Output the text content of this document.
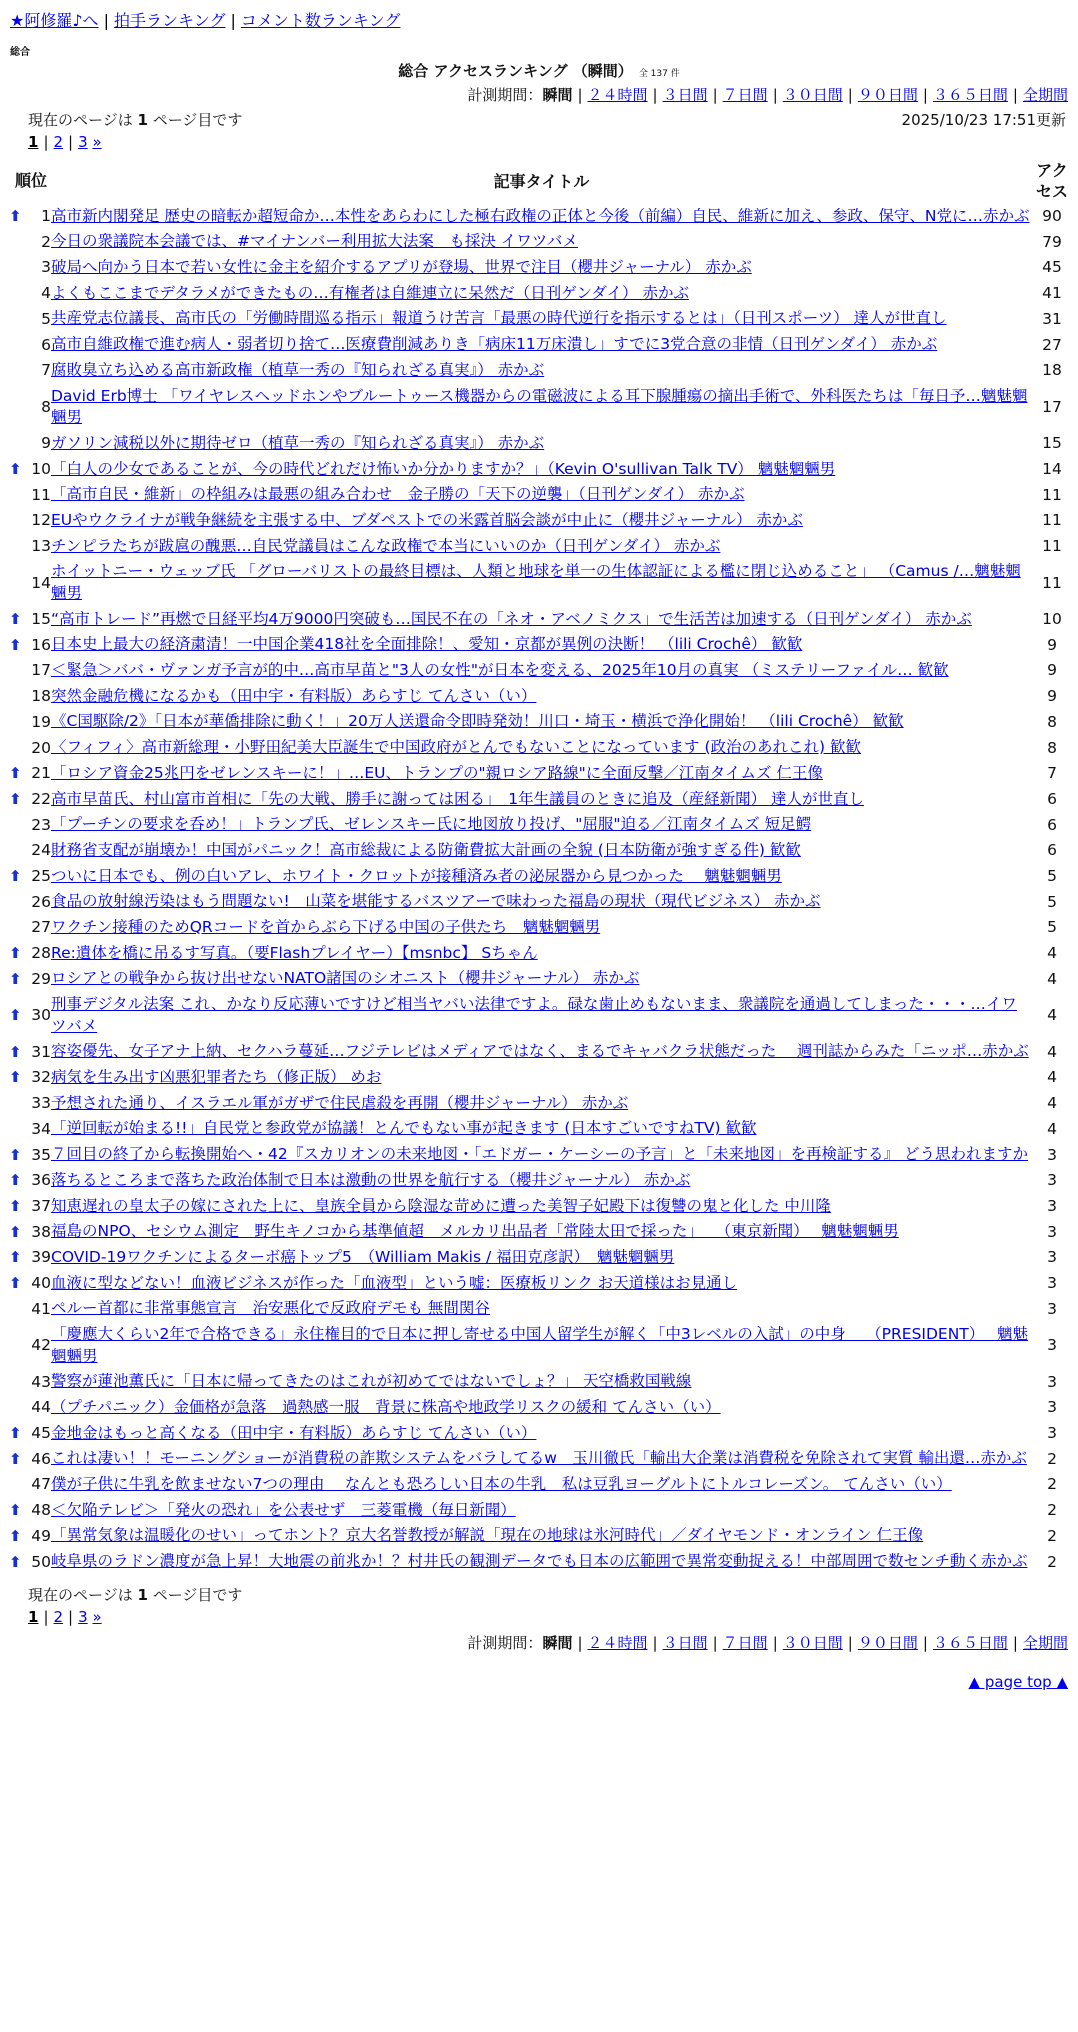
★阿修羅♪へ | 拍手ランキング | コメント数ランキング
総合
総合 アクセスランキング （瞬間） 全 137 件
計測期間：瞬間 | ２４時間 | ３日間 | ７日間 | ３０日間 | ９０日間 | ３６５日間 | 全期間
現在のページは 1 ページ目です	2025/10/23 17:51更新
1 | 2 | 3 »
順位	記事タイトル	アクセス

⬆ 1	高市新内閣発足 歴史の暗転か超短命か…本性をあらわにした極右政権の正体と今後（前編）自民、維新に加え、参政、保守、N党に…赤かぶ	90
2	今日の衆議院本会議では、#マイナンバー利用拡大法案　も採決 イワツバメ	79
3	破局へ向かう日本で若い女性に金主を紹介するアプリが登場、世界で注目（櫻井ジャーナル） 赤かぶ	45
4	よくもここまでデタラメができたもの…有権者は自維連立に呆然だ（日刊ゲンダイ） 赤かぶ	41
5	共産党志位議長、高市氏の「労働時間巡る指示」報道うけ苦言「最悪の時代逆行を指示するとは」（日刊スポーツ） 達人が世直し	31
6	高市自維政権で進む病人・弱者切り捨て…医療費削減ありき「病床11万床潰し」すでに3党合意の非情（日刊ゲンダイ） 赤かぶ	27
7	腐敗臭立ち込める高市新政権（植草一秀の『知られざる真実』） 赤かぶ	18
8	David Erb博士 「ワイヤレスヘッドホンやブルートゥース機器からの電磁波による耳下腺腫瘍の摘出手術で、外科医たちは「毎日予…魑魅魍魎男	17
9	ガソリン減税以外に期待ゼロ（植草一秀の『知られざる真実』） 赤かぶ	15

⬆ 10	「白人の少女であることが、今の時代どれだけ怖いか分かりますか？」（Kevin O'sullivan Talk TV） 魑魅魍魎男	14
11	「高市自民・維新」の枠組みは最悪の組み合わせ　金子勝の「天下の逆襲」（日刊ゲンダイ） 赤かぶ	11
12	EUやウクライナが戦争継続を主張する中、ブダペストでの米露首脳会談が中止に（櫻井ジャーナル） 赤かぶ	11
13	チンピラたちが跋扈の醜悪…自民党議員はこんな政権で本当にいいのか（日刊ゲンダイ） 赤かぶ	11
14	ホイットニー・ウェッブ氏 「グローバリストの最終目標は、人類と地球を単一の生体認証による檻に閉じ込めること」 （Camus /…魑魅魍魎男	11

⬆ 15	“高市トレード”再燃で日経平均4万9000円突破も…国民不在の「ネオ・アベノミクス」で生活苦は加速する（日刊ゲンダイ） 赤かぶ	10

⬆ 16	日本史上最大の経済粛清！一中国企業418社を全面排除！、愛知・京都が異例の決断！ （lili Crochê） 歓歓	9
17	＜緊急＞ババ・ヴァンガ予言が的中…高市早苗と"3人の女性"が日本を変える、2025年10月の真実 （ミステリーファイル… 歓歓	9
18	突然金融危機になるかも（田中宇・有料版）あらすじ てんさい（い）	9
19	《C国駆除/2》「日本が華僑排除に動く！」20万人送還命令即時発効！川口・埼玉・横浜で浄化開始！ （lili Crochê） 歓歓	8
20	〈フィフィ〉高市新総理・小野田紀美大臣誕生で中国政府がとんでもないことになっています (政治のあれこれ) 歓歓	8

⬆ 21	「ロシア資金25兆円をゼレンスキーに！」…EU、トランプの"親ロシア路線"に全面反撃／江南タイムズ 仁王像	7

⬆ 22	高市早苗氏、村山富市首相に「先の大戦、勝手に謝っては困る」　1年生議員のときに追及（産経新聞） 達人が世直し	6
23	「プーチンの要求を呑め！」トランプ氏、ゼレンスキー氏に地図放り投げ、"屈服"迫る／江南タイムズ 短足鰐	6
24	財務省支配が崩壊か！中国がパニック！高市総裁による防衛費拡大計画の全貌 (日本防衛が強すぎる件) 歓歓	6

⬆ 25	ついに日本でも、例の白いアレ、ホワイト・クロットが接種済み者の泌尿器から見つかった　 魑魅魍魎男	5
26	食品の放射線汚染はもう問題ない!　山菜を堪能するバスツアーで味わった福島の現状（現代ビジネス） 赤かぶ	5
27	ワクチン接種のためQRコードを首からぶら下げる中国の子供たち　魑魅魍魎男	5

⬆ 28	Re:遺体を橋に吊るす写真。（要Flashプレイヤー）【msnbc】 Sちゃん	4

⬆ 29	ロシアとの戦争から抜け出せないNATO諸国のシオニスト（櫻井ジャーナル） 赤かぶ	4

⬆ 30	刑事デジタル法案 これ、かなり反応薄いですけど相当ヤバい法律ですよ。碌な歯止めもないまま、衆議院を通過してしまった・・・…イワツバメ	4

⬆ 31	容姿優先、女子アナ上納、セクハラ蔓延…フジテレビはメディアではなく、まるでキャバクラ状態だった　 週刊誌からみた「ニッポ…赤かぶ	4

⬆ 32	病気を生み出す凶悪犯罪者たち（修正版） めお	4
33	予想された通り、イスラエル軍がガザで住民虐殺を再開（櫻井ジャーナル） 赤かぶ	4
34	「逆回転が始まる!!」自民党と参政党が協議！とんでもない事が起きます (日本すごいですねTV) 歓歓	4

⬆ 35	７回目の終了から転換開始へ・42『スカリオンの未来地図・「エドガー・ケーシーの予言」と「未来地図」を再検証する』 どう思われますか	3

⬆ 36	落ちるところまで落ちた政治体制で日本は激動の世界を航行する（櫻井ジャーナル） 赤かぶ	3

⬆ 37	知恵遅れの皇太子の嫁にされた上に、皇族全員から陰湿な苛めに遭った美智子妃殿下は復讐の鬼と化した 中川隆	3

⬆ 38	福島のNPO、セシウム測定　野生キノコから基準値超　メルカリ出品者「常陸太田で採った」　 （東京新聞）　 魑魅魍魎男	3

⬆ 39	COVID-19ワクチンによるターボ癌トップ5　（William Makis / 福田克彦訳）　魑魅魍魎男	3

⬆ 40	血液に型などない！血液ビジネスが作った「血液型」という嘘：医療板リンク お天道様はお見通し	3
41	ペルー首都に非常事態宣言　治安悪化で反政府デモも 無間関谷	3
42	「慶應大くらい2年で合格できる」永住権目的で日本に押し寄せる中国人留学生が解く「中3レベルの入試」の中身　 （PRESIDENT）　 魑魅魍魎男	3
43	警察が蓮池薫氏に「日本に帰ってきたのはこれが初めてではないでしょ？」 天空橋救国戦線	3
44	（プチパニック）金価格が急落　過熱感一服　背景に株高や地政学リスクの緩和 てんさい（い）	3

⬆ 45	金地金はもっと高くなる（田中宇・有料版）あらすじ てんさい（い）	3

⬆ 46	これは凄い！！モーニングショーが消費税の詐欺システムをバラしてるw　玉川徹氏「輸出大企業は消費税を免除されて実質 輸出還…赤かぶ	2
47	僕が子供に牛乳を飲ませない7つの理由　 なんとも恐ろしい日本の牛乳　私は豆乳ヨーグルトにトルコレーズン。 てんさい（い）	2

⬆ 48	＜欠陥テレビ＞「発火の恐れ」を公表せず　三菱電機（毎日新聞）	2

⬆ 49	「異常気象は温暖化のせい」ってホント？京大名誉教授が解説「現在の地球は氷河時代」／ダイヤモンド・オンライン 仁王像	2

⬆ 50	岐阜県のラドン濃度が急上昇！大地震の前兆か！？村井氏の観測データでも日本の広範囲で異常変動捉える！中部周囲で数センチ動く赤かぶ	2
現在のページは 1 ページ目です
1 | 2 | 3 »
計測期間：瞬間 | ２４時間 | ３日間 | ７日間 | ３０日間 | ９０日間 | ３６５日間 | 全期間
▲ page top ▲
